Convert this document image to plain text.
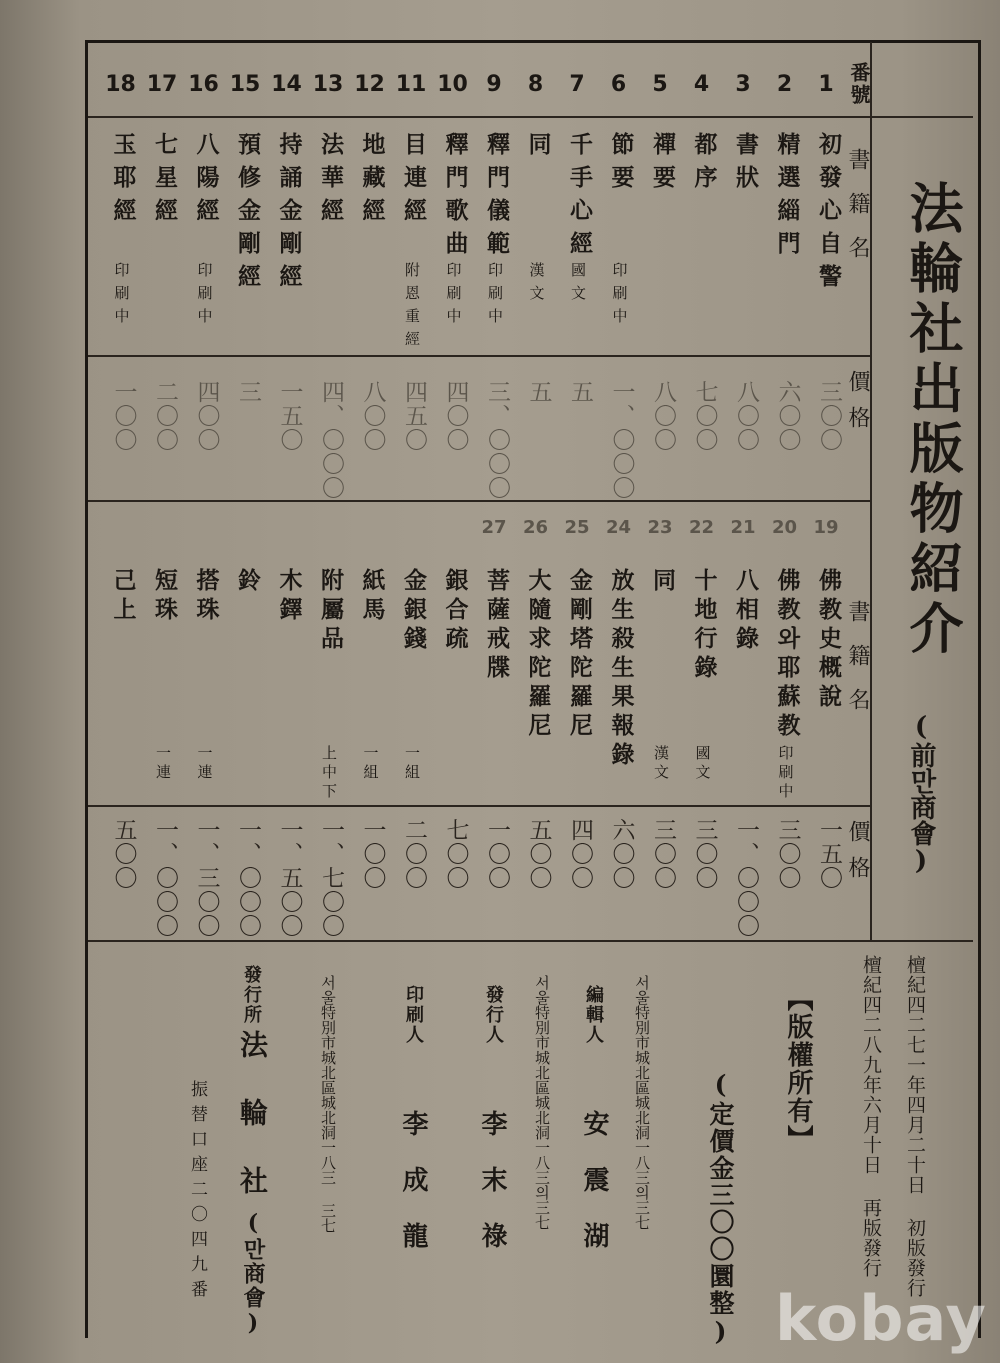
法輪社出版物紹介
(前만商會)
番號
書籍名
價格
書籍名
價格
1
2
3
4
5
6
7
8
9
10
11
12
13
14
15
16
17
18
初發心自警
精選緇門
書狀
都序
禪要
節要
印刷中
千手心經
國文
同
漢文
釋門儀範
印刷中
釋門歌曲
印刷中
目連經
附恩重經
地藏經
法華經
持誦金剛經
預修金剛經
八陽經
印刷中
七星經
玉耶經
印刷中
三〇〇
六〇〇
八〇〇
七〇〇
八〇〇
一、〇〇〇
五
五
三、〇〇〇
四〇〇
四五〇
八〇〇
四、〇〇〇
一五〇
三
四〇〇
二〇〇
一〇〇
19
20
21
22
23
24
25
26
27
佛教史概說
佛教와耶蘇教
印刷中
八相錄
十地行錄
國文
同
漢文
放生殺生果報錄
金剛塔陀羅尼
大隨求陀羅尼
菩薩戒牒
銀合疏
金銀錢
一組
紙馬
一組
附屬品
上中下
木鐸
鈴
搭珠
一連
短珠
一連
己上
一五〇
三〇〇
一、〇〇〇
三〇〇
三〇〇
六〇〇
四〇〇
五〇〇
一〇〇
七〇〇
二〇〇
一〇〇
一、七〇〇
一、五〇〇
一、〇〇〇
一、三〇〇
一、〇〇〇
五〇〇
檀紀四二七一年四月二十日 初版發行
檀紀四二八九年六月十日 再版發行
【版權所有】
(定價金三〇〇圜整)
서울特別市城北區城北洞一八三의三七
編輯人
安震湖
서울特別市城北區城北洞一八三의三七
發行人
李末祿
印刷人
李成龍
서울特別市城北區城北洞一八三 三七
發行所
法輪社
(만商會)
振替口座二〇四九番
kobay
